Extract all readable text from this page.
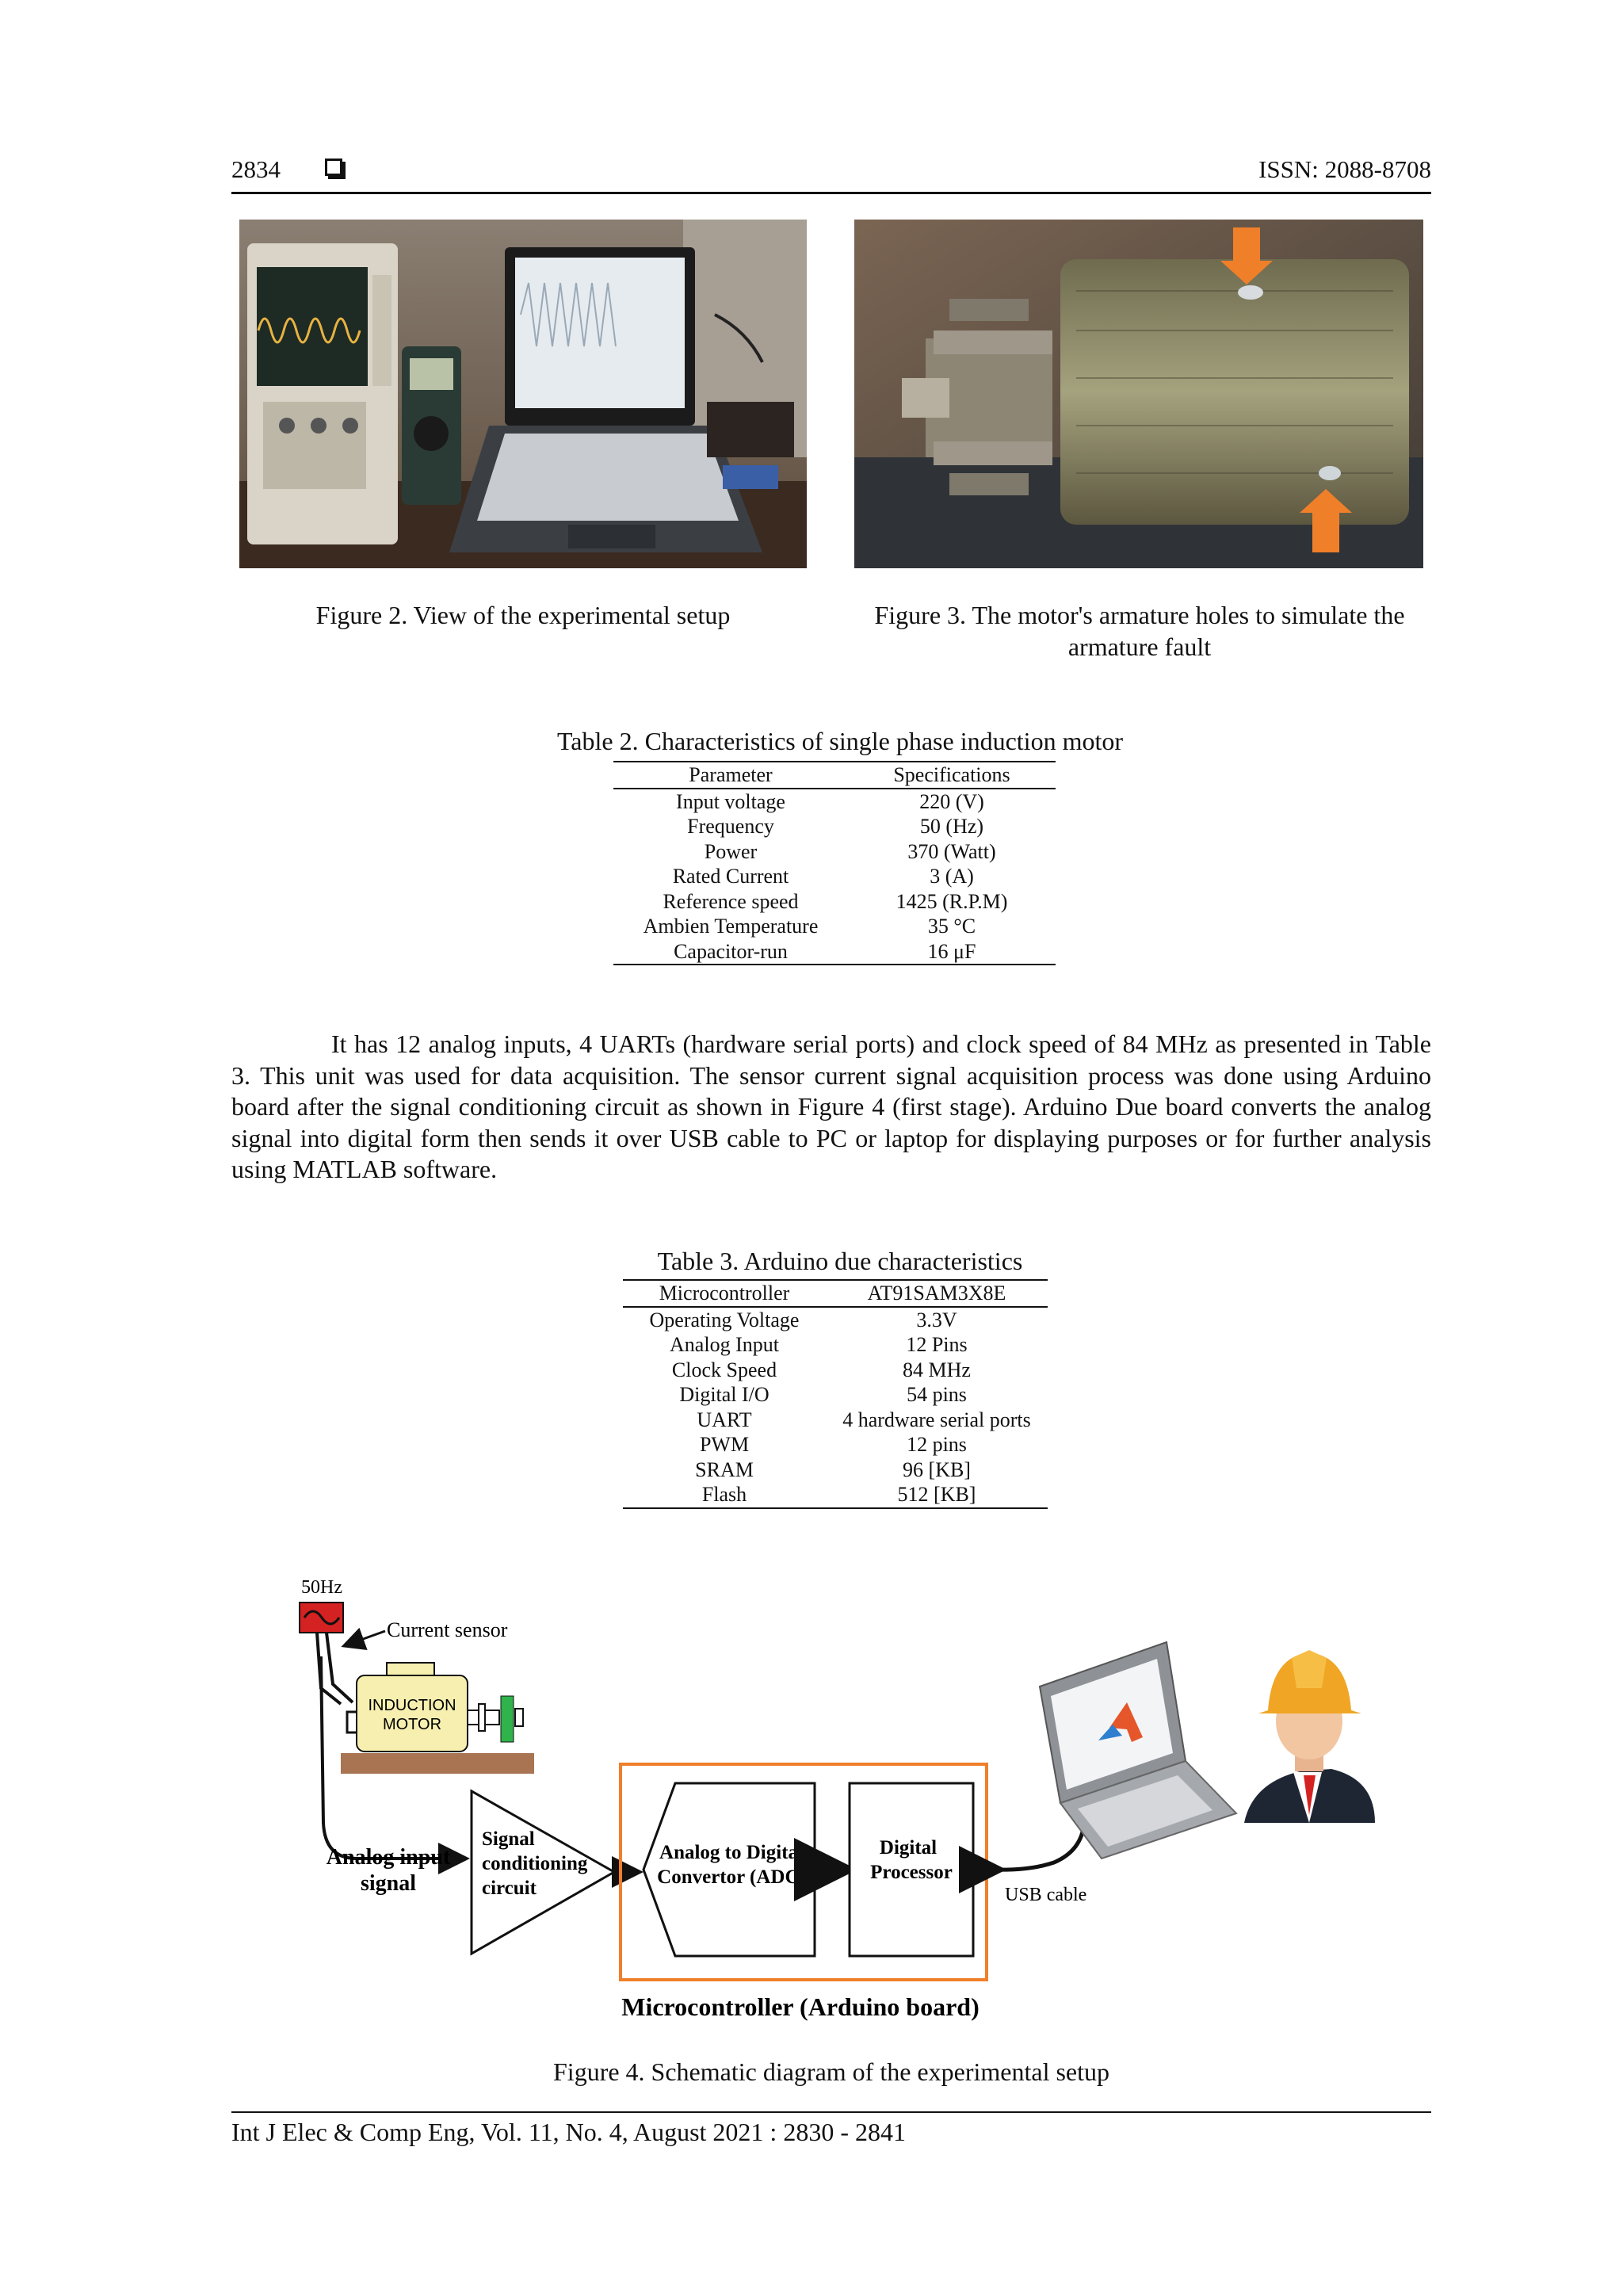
2834	ISSN: 2088-8708
Figure 2. View of the experimental setup	Figure 3. The motor's armature holes to simulate the
armature fault
Table 2. Characteristics of single phase induction motor
Parameter	Specifications
Input voltage	220 (V)
Frequency	50 (Hz)
Power	370 (Watt)
Rated Current	3 (A)
Reference speed	1425 (R.P.M)
Ambien Temperature	35 °C
Capacitor-run	16 μF
It has 12 analog inputs, 4 UARTs (hardware serial ports) and clock speed of 84 MHz as presented in Table 3. This unit was used for data acquisition. The sensor current signal acquisition process was done using Arduino board after the signal conditioning circuit as shown in Figure 4 (first stage). Arduino Due board converts the analog signal into digital form then sends it over USB cable to PC or laptop for displaying purposes or for further analysis using MATLAB software.
Table 3. Arduino due characteristics
Microcontroller	AT91SAM3X8E
Operating Voltage	3.3V
Analog Input	12 Pins
Clock Speed	84 MHz
Digital I/O	54 pins
UART	4 hardware serial ports
PWM	12 pins
SRAM	96 [KB]
Flash	512 [KB]
50Hz
Current sensor
INDUCTION
MOTOR
Analog input
signal
Signal
conditioning
circuit
Analog to Digital
Convertor (ADC)
Digital
Processor
USB cable
Microcontroller (Arduino board)
Figure 4. Schematic diagram of the experimental setup
Int J Elec & Comp Eng, Vol. 11, No. 4, August 2021 : 2830 - 2841
